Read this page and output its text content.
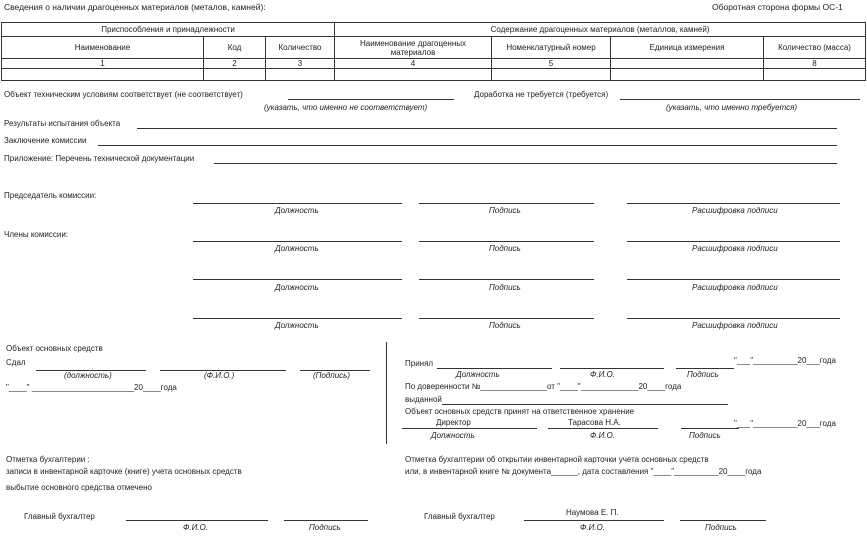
Сведения о наличии драгоценных материалов (металов, камней):	Оборотная сторона формы ОС-1
Приспособления и принадлежности			Содержание драгоценных материалов (металлов, камней)			
Наименование	Код	Количество	Наименование драгоценных материалов	Номенклатурный номер	Единица измерения	Количество (масса)
1	2	3	4	5		8

Объект техническим условиям соответствует (не соответствует)
(указать, что именно не соответствует)
Доработка не требуется (требуется)
(указать, что именно требуется)
Результаты испытания объекта
Заключение комиссии
Приложение: Перечень технической документации
Председатель комиссии:
Члены комиссии:
Должность	Подпись	Расшифровка подписи
Должность	Подпись	Расшифровка подписи
Должность	Подпись	Расшифровка подписи
Должность	Подпись	Расшифровка подписи
Объект основных средств
Сдал
(должность)	(Ф.И.О.)	(Подпись)
"____" _______________________20____года
Принял	"___"__________20___года
Должность	Ф.И.О.	Подпись
По доверенности №_______________от "____"_____________20____года
выданной
Объект основных средств принят на ответственное хранение
Директор	Тарасова Н.А.	"___"__________20___года
Должность	Ф.И.О.	Подпись
Отметка бухгалтерии :
записи в инвентарной карточке (книге) учета основных средств
выбытие основного средства отмечено
Отметка бухгалтерии об открытии инвентарной карточки учета основных средств
или, в инвентарной книге № документа______, дата составления "____"__________20____года
Главный бухгалтер
Ф.И.О.	Подпись
Главный бухгалтер	Наумова Е. П.
Ф.И.О.	Подпись
